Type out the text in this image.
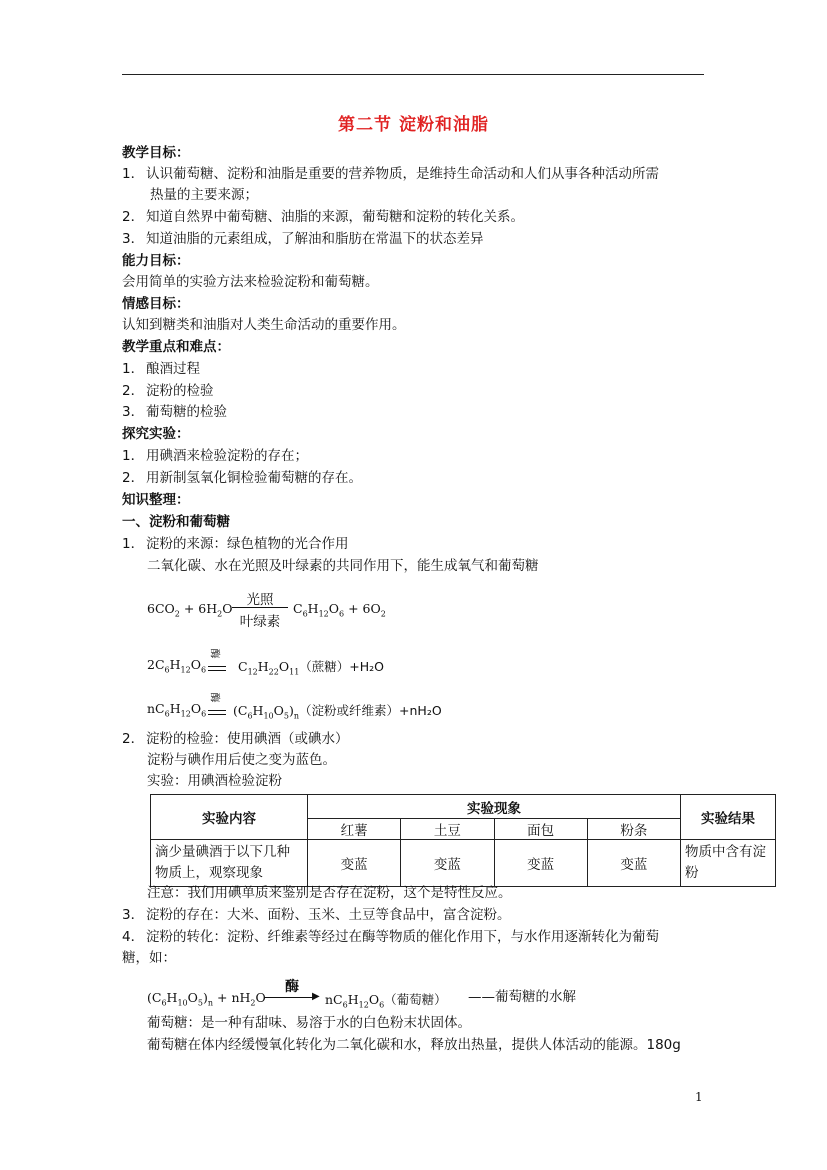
第二节 淀粉和油脂
教学目标：
1． 认识葡萄糖、淀粉和油脂是重要的营养物质，是维持生命活动和人们从事各种活动所需
热量的主要来源；
2． 知道自然界中葡萄糖、油脂的来源，葡萄糖和淀粉的转化关系。
3． 知道油脂的元素组成，了解油和脂肪在常温下的状态差异
能力目标：
会用简单的实验方法来检验淀粉和葡萄糖。
情感目标：
认知到糖类和油脂对人类生命活动的重要作用。
教学重点和难点：
1． 酿酒过程
2． 淀粉的检验
3． 葡萄糖的检验
探究实验：
1． 用碘酒来检验淀粉的存在；
2． 用新制氢氧化铜检验葡萄糖的存在。
知识整理：
一、淀粉和葡萄糖
1． 淀粉的来源：绿色植物的光合作用
二氧化碳、水在光照及叶绿素的共同作用下，能生成氧气和葡萄糖
$6CO_2 + 6H_2O$
光照
叶绿素
$C_6H_{12}O_6 + 6O_2$
$2C_6H_{12}O_6$
酶
$C_{12}H_{22}O_{11}$（蔗糖）+H₂O
$nC_6H_{12}O_6$
酶
$(C_6H_{10}O_5)_n$（淀粉或纤维素）+nH₂O
2． 淀粉的检验：使用碘酒（或碘水）
淀粉与碘作用后使之变为蓝色。
实验：用碘酒检验淀粉
实验内容	实验现象				实验结果
	红薯	土豆	面包	粉条	
滴少量碘酒于以下几种物质上，观察现象	变蓝	变蓝	变蓝	变蓝	物质中含有淀粉
注意：我们用碘单质来鉴别是否存在淀粉，这个是特性反应。
3． 淀粉的存在：大米、面粉、玉米、土豆等食品中，富含淀粉。
4． 淀粉的转化：淀粉、纤维素等经过在酶等物质的催化作用下，与水作用逐渐转化为葡萄
糖，如：
$(C_6H_{10}O_5)_n + nH_2O$
酶
▶ $nC_6H_{12}O_6$（葡萄糖） ——葡萄糖的水解
葡萄糖：是一种有甜味、易溶于水的白色粉末状固体。
葡萄糖在体内经缓慢氧化转化为二氧化碳和水，释放出热量，提供人体活动的能源。180g
1
